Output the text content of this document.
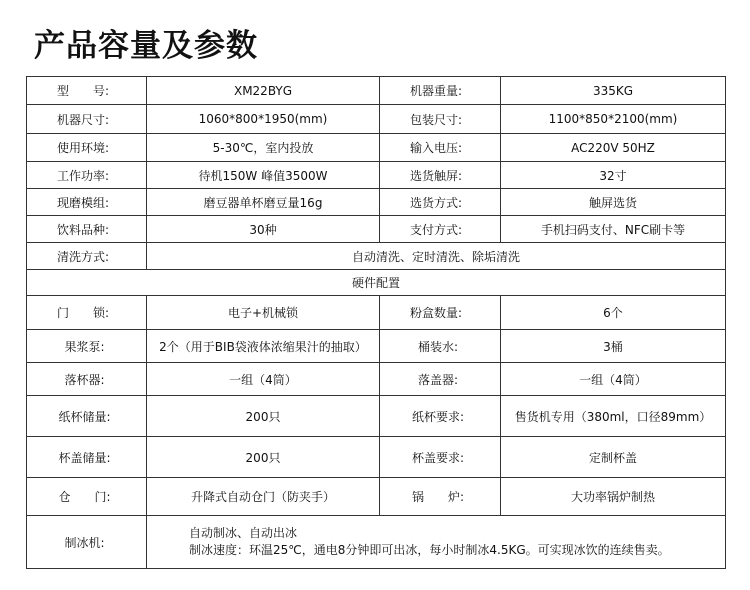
产品容量及参数
型　　号:	XM22BYG	机器重量:	335KG
机器尺寸:	1060*800*1950(mm)	包装尺寸:	1100*850*2100(mm)
使用环境:	5-30℃，室内投放	输入电压:	AC220V 50HZ
工作功率:	待机150W 峰值3500W	选货触屏:	32寸
现磨模组:	磨豆器单杯磨豆量16g	选货方式:	触屏选货
饮料品种:	30种	支付方式:	手机扫码支付、NFC刷卡等
清洗方式:	自动清洗、定时清洗、除垢清洗		
硬件配置			
门　　锁:	电子+机械锁	粉盒数量:	6个
果浆泵:	2个（用于BIB袋液体浓缩果汁的抽取）	桶装水:	3桶
落杯器:	一组（4筒）	落盖器:	一组（4筒）
纸杯储量:	200只	纸杯要求:	售货机专用（380ml，口径89mm）
杯盖储量:	200只	杯盖要求:	定制杯盖
仓　　门:	升降式自动仓门（防夹手）	锅　　炉:	大功率锅炉制热
制冰机:	自动制冰、自动出冰
制冰速度：环温25℃，通电8分钟即可出冰，每小时制冰4.5KG。可实现冰饮的连续售卖。		
